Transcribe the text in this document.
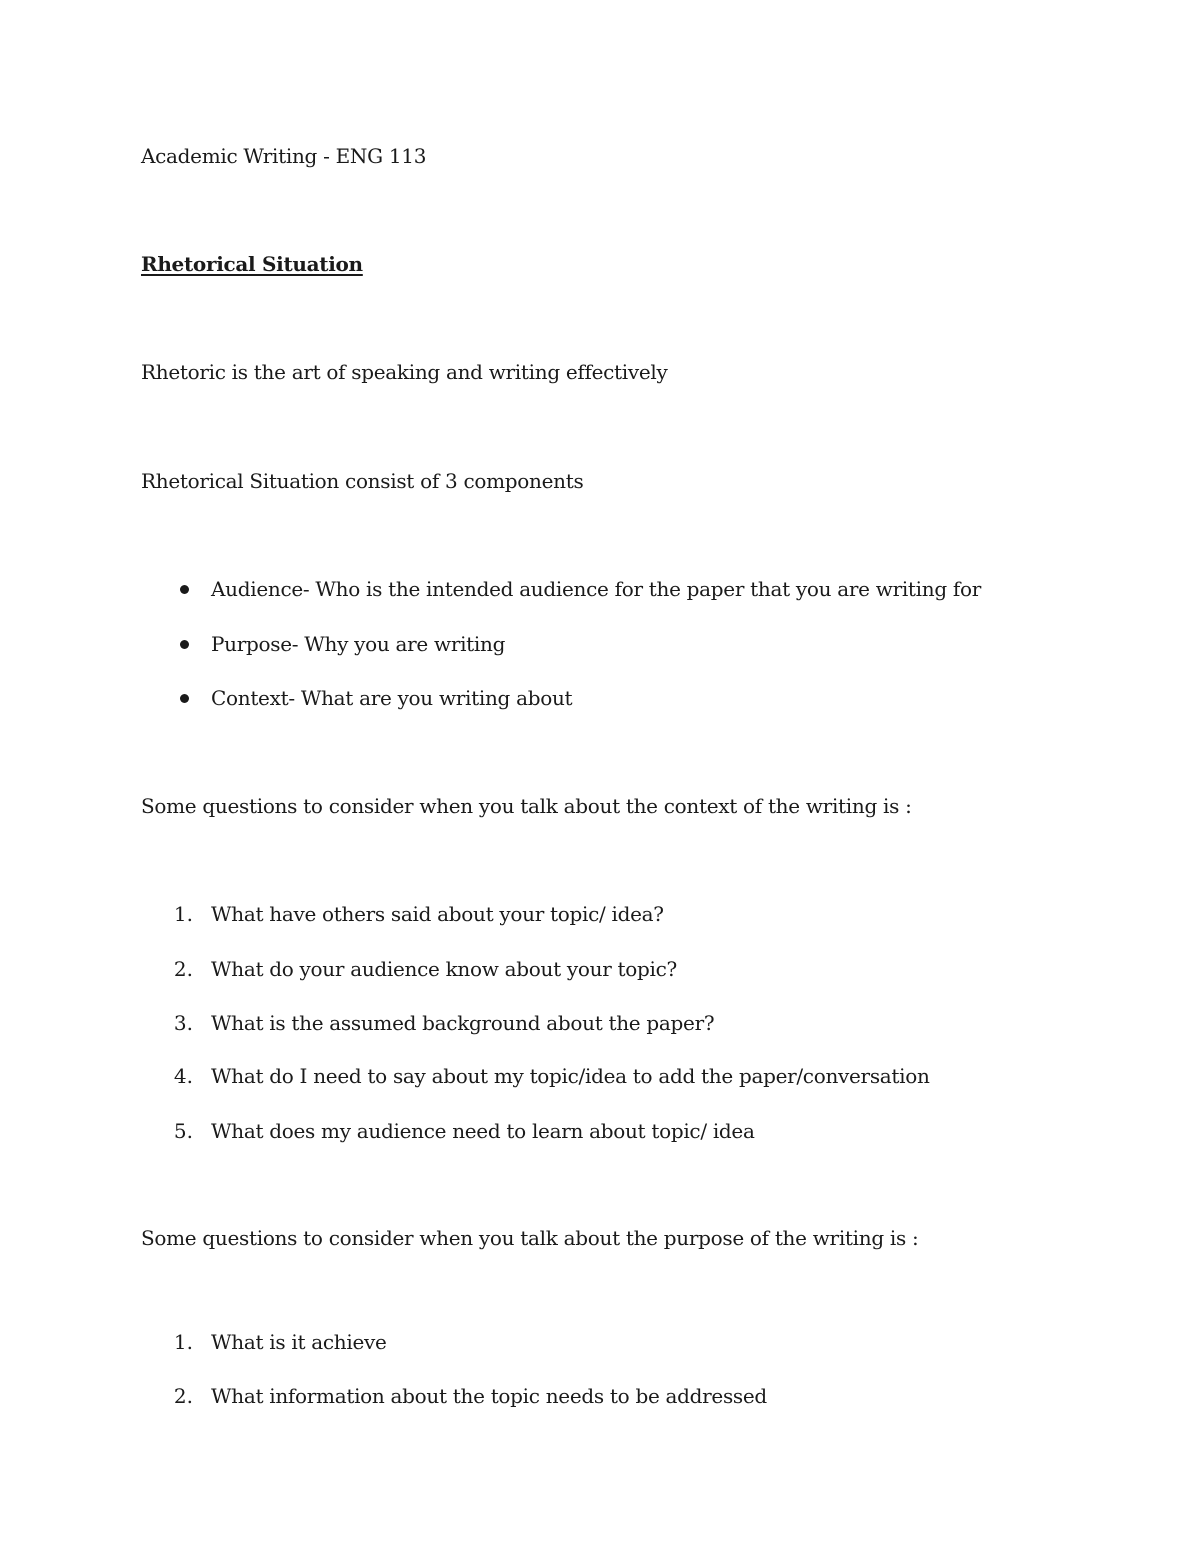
Academic Writing - ENG 113
Rhetorical Situation
Rhetoric is the art of speaking and writing effectively
Rhetorical Situation consist of 3 components
Audience- Who is the intended audience for the paper that you are writing for
Purpose- Why you are writing
Context- What are you writing about
Some questions to consider when you talk about the context of the writing is :
1. What have others said about your topic/ idea?
2. What do your audience know about your topic?
3. What is the assumed background about the paper?
4. What do I need to say about my topic/idea to add the paper/conversation
5. What does my audience need to learn about topic/ idea
Some questions to consider when you talk about the purpose of the writing is :
1. What is it achieve
2. What information about the topic needs to be addressed
